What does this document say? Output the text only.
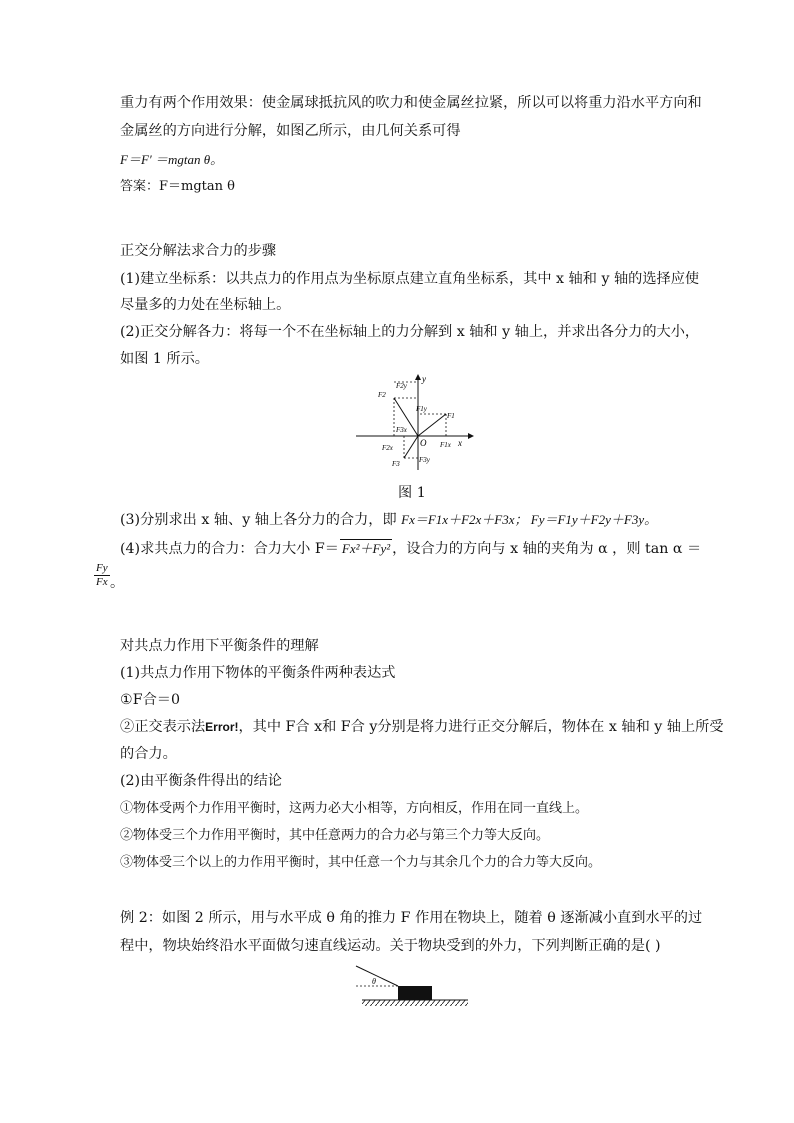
重力有两个作用效果：使金属球抵抗风的吹力和使金属丝拉紧，所以可以将重力沿水平方向和
金属丝的方向进行分解，如图乙所示，由几何关系可得
F＝F′ ＝mgtan θ。
答案：F＝mgtan θ
正交分解法求合力的步骤
(1)建立坐标系：以共点力的作用点为坐标原点建立直角坐标系，其中 x 轴和 y 轴的选择应使
尽量多的力处在坐标轴上。
(2)正交分解各力：将每一个不在坐标轴上的力分解到 x 轴和 y 轴上，并求出各分力的大小，
如图 1 所示。
y
x
O
F1
F2
F3
F1x
F1y
F2x
F2y
F3x
F3y
图 1
(3)分别求出 x 轴、y 轴上各分力的合力，即 Fx＝F1x＋F2x＋F3x； Fy＝F1y＋F2y＋F3y。
(4)求共点力的合力：合力大小 F＝ Fx²＋Fy² ，设合力的方向与 x 轴的夹角为 α ，则 tan α ＝
Fy
Fx 。
对共点力作用下平衡条件的理解
(1)共点力作用下物体的平衡条件两种表达式
①F合＝0
②正交表示法Error!，其中 F合 x和 F合 y分别是将力进行正交分解后，物体在 x 轴和 y 轴上所受
的合力。
(2)由平衡条件得出的结论
①物体受两个力作用平衡时，这两力必大小相等，方向相反，作用在同一直线上。
②物体受三个力作用平衡时，其中任意两力的合力必与第三个力等大反向。
③物体受三个以上的力作用平衡时，其中任意一个力与其余几个力的合力等大反向。
例 2：如图 2 所示，用与水平成 θ 角的推力 F 作用在物块上，随着 θ 逐渐减小直到水平的过
程中，物块始终沿水平面做匀速直线运动。关于物块受到的外力，下列判断正确的是( )
θ
